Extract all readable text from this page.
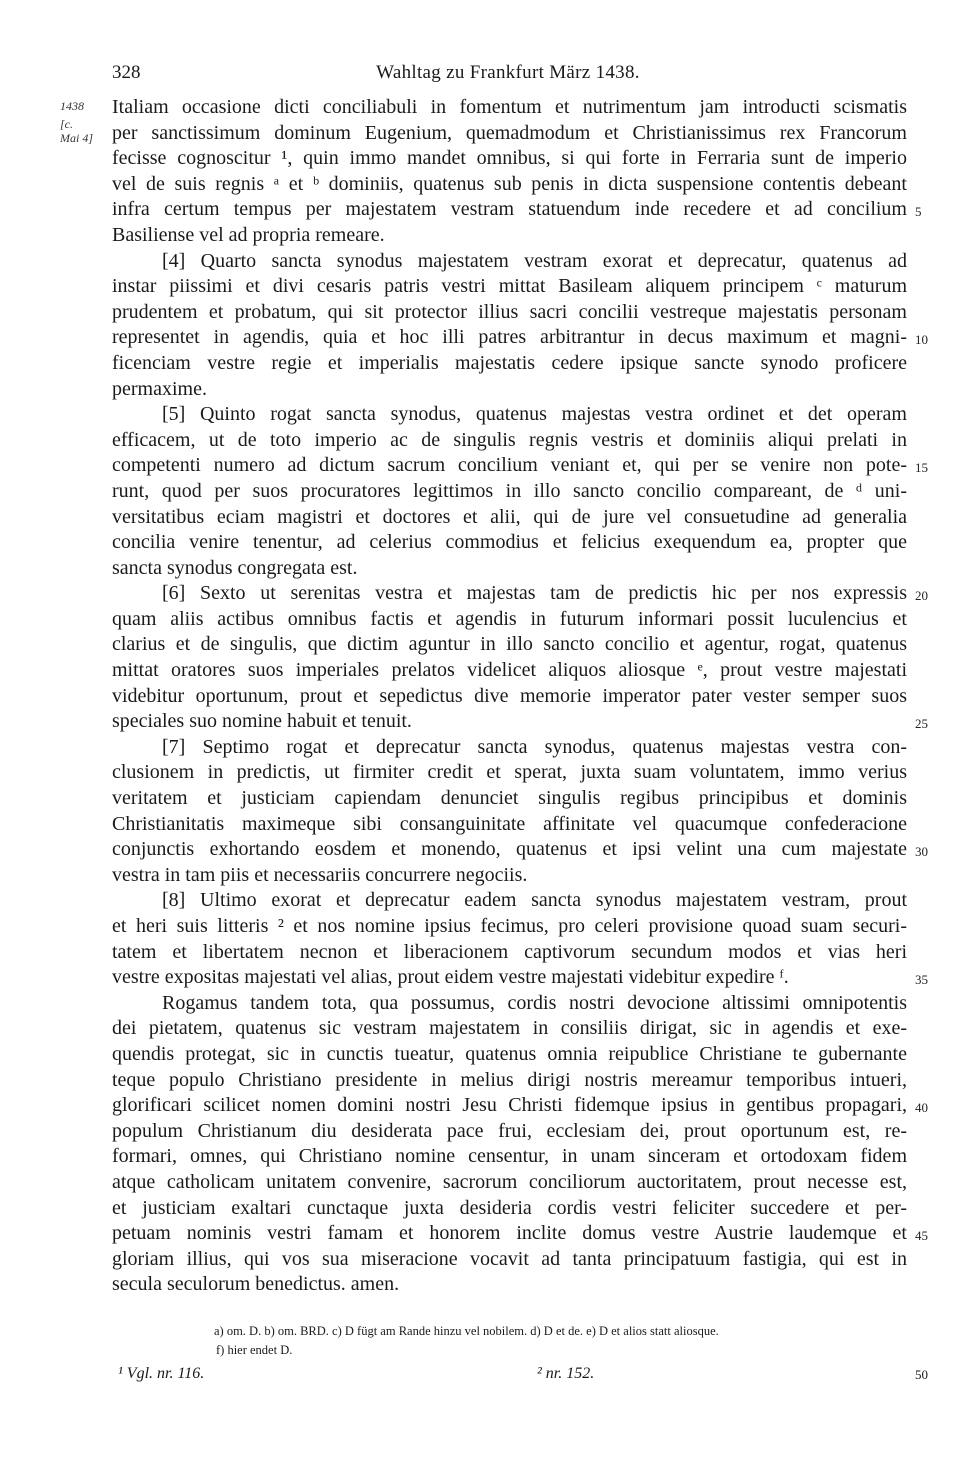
328	Wahltag zu Frankfurt März 1438.
1438
[c.
Mai 4]
Italiam occasione dicti conciliabuli in fomentum et nutrimentum jam introducti scismatis
per sanctissimum dominum Eugenium, quemadmodum et Christianissimus rex Francorum
fecisse cognoscitur ¹, quin immo mandet omnibus, si qui forte in Ferraria sunt de imperio
vel de suis regnis ᵃ et ᵇ dominiis, quatenus sub penis in dicta suspensione contentis debeant
infra certum tempus per majestatem vestram statuendum inde recedere et ad concilium 5
Basiliense vel ad propria remeare.
[4] Quarto sancta synodus majestatem vestram exorat et deprecatur, quatenus ad
instar piissimi et divi cesaris patris vestri mittat Basileam aliquem principem ᶜ maturum
prudentem et probatum, qui sit protector illius sacri concilii vestreque majestatis personam
representet in agendis, quia et hoc illi patres arbitrantur in decus maximum et magni- 10
ficenciam vestre regie et imperialis majestatis cedere ipsique sancte synodo proficere
permaxime.
[5] Quinto rogat sancta synodus, quatenus majestas vestra ordinet et det operam
efficacem, ut de toto imperio ac de singulis regnis vestris et dominiis aliqui prelati in
competenti numero ad dictum sacrum concilium veniant et, qui per se venire non pote- 15
runt, quod per suos procuratores legittimos in illo sancto concilio compareant, de ᵈ uni-
versitatibus eciam magistri et doctores et alii, qui de jure vel consuetudine ad generalia
concilia venire tenentur, ad celerius commodius et felicius exequendum ea, propter que
sancta synodus congregata est.
[6] Sexto ut serenitas vestra et majestas tam de predictis hic per nos expressis 20
quam aliis actibus omnibus factis et agendis in futurum informari possit luculencius et
clarius et de singulis, que dictim aguntur in illo sancto concilio et agentur, rogat, quatenus
mittat oratores suos imperiales prelatos videlicet aliquos aliosque ᵉ, prout vestre majestati
videbitur oportunum, prout et sepedictus dive memorie imperator pater vester semper suos
speciales suo nomine habuit et tenuit.	25
[7] Septimo rogat et deprecatur sancta synodus, quatenus majestas vestra con-
clusionem in predictis, ut firmiter credit et sperat, juxta suam voluntatem, immo verius
veritatem et justiciam capiendam denunciet singulis regibus principibus et dominis
Christianitatis maximeque sibi consanguinitate affinitate vel quacumque confederacione
conjunctis exhortando eosdem et monendo, quatenus et ipsi velint una cum majestate 30
vestra in tam piis et necessariis concurrere negociis.
[8] Ultimo exorat et deprecatur eadem sancta synodus majestatem vestram, prout
et heri suis litteris ² et nos nomine ipsius fecimus, pro celeri provisione quoad suam securi-
tatem et libertatem necnon et liberacionem captivorum secundum modos et vias heri
vestre expositas majestati vel alias, prout eidem vestre majestati videbitur expedire ᶠ.	35
Rogamus tandem tota, qua possumus, cordis nostri devocione altissimi omnipotentis
dei pietatem, quatenus sic vestram majestatem in consiliis dirigat, sic in agendis et exe-
quendis protegat, sic in cunctis tueatur, quatenus omnia reipublice Christiane te gubernante
teque populo Christiano presidente in melius dirigi nostris mereamur temporibus intueri,
glorificari scilicet nomen domini nostri Jesu Christi fidemque ipsius in gentibus propagari, 40
populum Christianum diu desiderata pace frui, ecclesiam dei, prout oportunum est, re-
formari, omnes, qui Christiano nomine censentur, in unam sinceram et ortodoxam fidem
atque catholicam unitatem convenire, sacrorum conciliorum auctoritatem, prout necesse est,
et justiciam exaltari cunctaque juxta desideria cordis vestri feliciter succedere et per-
petuam nominis vestri famam et honorem inclite domus vestre Austrie laudemque et 45
gloriam illius, qui vos sua miseracione vocavit ad tanta principatuum fastigia, qui est in
secula seculorum benedictus. amen.
a) om. D. b) om. BRD. c) D fügt am Rande hinzu vel nobilem. d) D et de. e) D et alios statt aliosque.
f) hier endet D.
¹ Vgl. nr. 116.	² nr. 152.	50
